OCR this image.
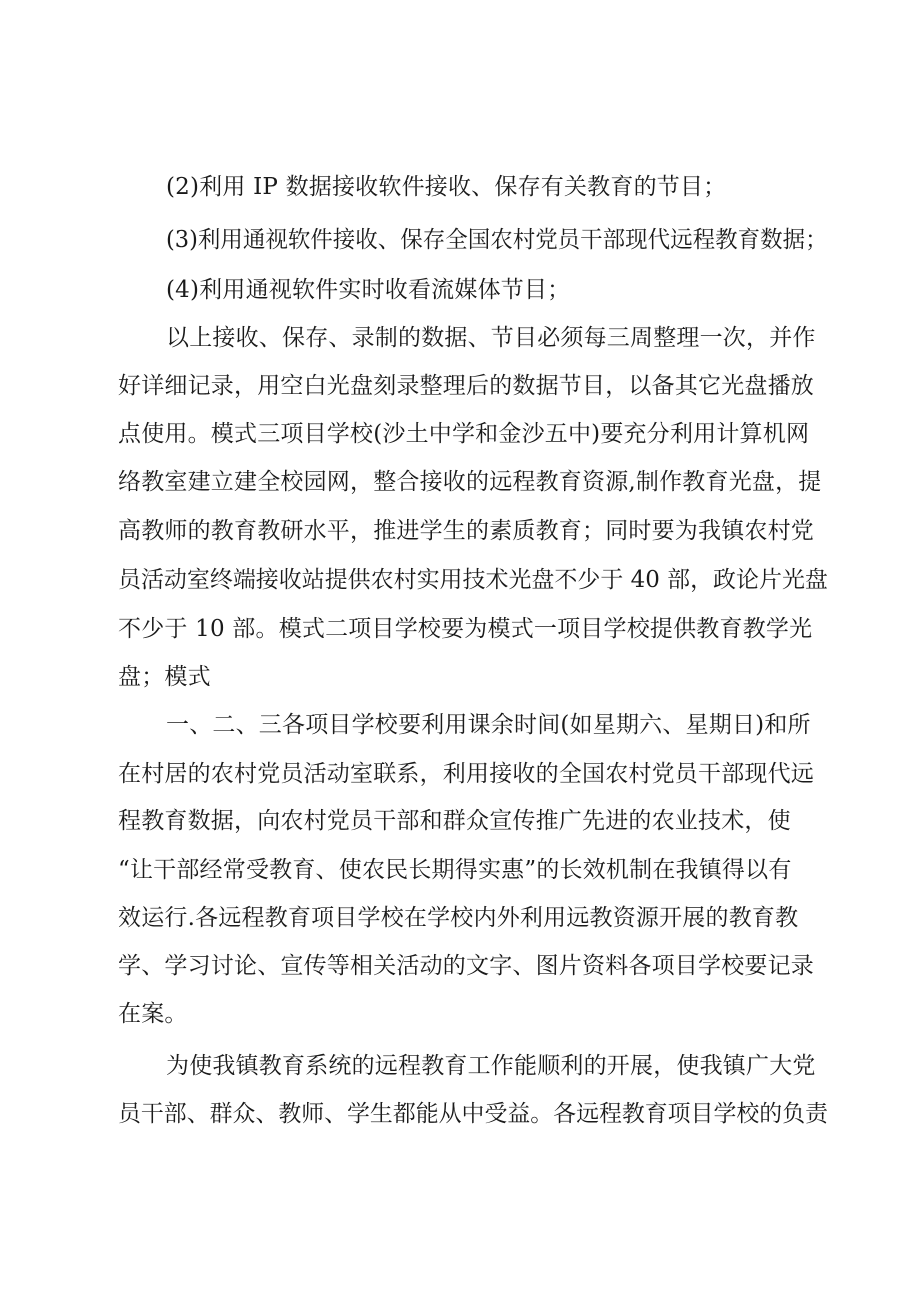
(2)利用 IP 数据接收软件接收、保存有关教育的节目；

(3)利用通视软件接收、保存全国农村党员干部现代远程教育数据；

(4)利用通视软件实时收看流媒体节目；

以上接收、保存、录制的数据、节目必须每三周整理一次，并作

好详细记录，用空白光盘刻录整理后的数据节目，以备其它光盘播放

点使用。模式三项目学校(沙土中学和金沙五中)要充分利用计算机网

络教室建立建全校园网，整合接收的远程教育资源,制作教育光盘，提

高教师的教育教研水平，推进学生的素质教育；同时要为我镇农村党

员活动室终端接收站提供农村实用技术光盘不少于 40 部，政论片光盘

不少于 10 部。模式二项目学校要为模式一项目学校提供教育教学光

盘；模式

一、二、三各项目学校要利用课余时间(如星期六、星期日)和所

在村居的农村党员活动室联系，利用接收的全国农村党员干部现代远

程教育数据，向农村党员干部和群众宣传推广先进的农业技术，使

“让干部经常受教育、使农民长期得实惠”的长效机制在我镇得以有

效运行.各远程教育项目学校在学校内外利用远教资源开展的教育教

学、学习讨论、宣传等相关活动的文字、图片资料各项目学校要记录

在案。

为使我镇教育系统的远程教育工作能顺利的开展，使我镇广大党

员干部、群众、教师、学生都能从中受益。各远程教育项目学校的负责
